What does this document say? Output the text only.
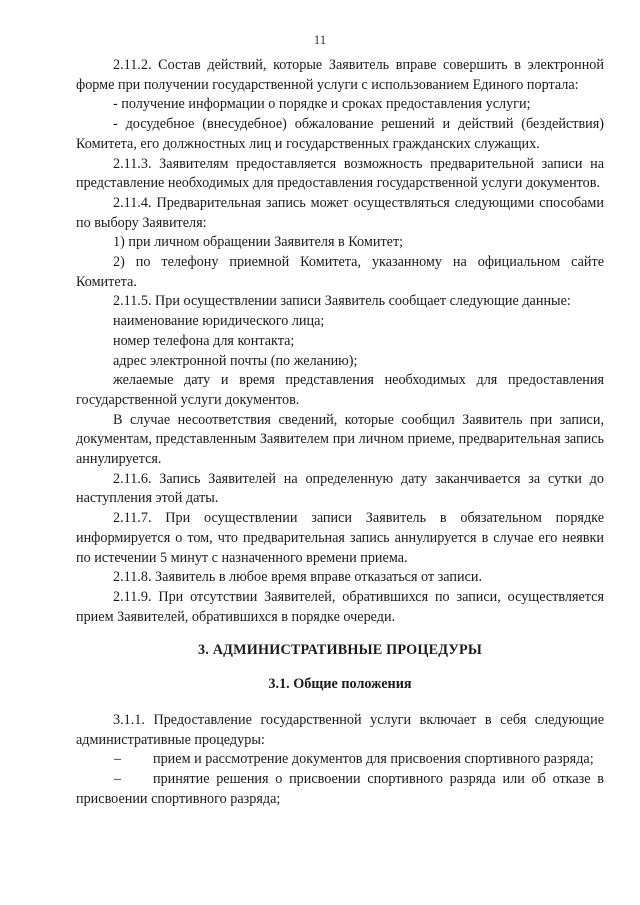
11

2.11.2. Состав действий, которые Заявитель вправе совершить в электронной форме при получении государственной услуги с использованием Единого портала:

- получение информации о порядке и сроках предоставления услуги;

- досудебное (внесудебное) обжалование решений и действий (бездействия) Комитета, его должностных лиц и государственных гражданских служащих.

2.11.3. Заявителям предоставляется возможность предварительной записи на представление необходимых для предоставления государственной услуги документов.

2.11.4. Предварительная запись может осуществляться следующими способами по выбору Заявителя:

1) при личном обращении Заявителя в Комитет;

2) по телефону приемной Комитета, указанному на официальном сайте Комитета.

2.11.5. При осуществлении записи Заявитель сообщает следующие данные:

наименование юридического лица;

номер телефона для контакта;

адрес электронной почты (по желанию);

желаемые дату и время представления необходимых для предоставления государственной услуги документов.

В случае несоответствия сведений, которые сообщил Заявитель при записи, документам, представленным Заявителем при личном приеме, предварительная запись аннулируется.

2.11.6. Запись Заявителей на определенную дату заканчивается за сутки до наступления этой даты.

2.11.7. При осуществлении записи Заявитель в обязательном порядке информируется о том, что предварительная запись аннулируется в случае его неявки по истечении 5 минут с назначенного времени приема.

2.11.8. Заявитель в любое время вправе отказаться от записи.

2.11.9. При отсутствии Заявителей, обратившихся по записи, осуществляется прием Заявителей, обратившихся в порядке очереди.

3. АДМИНИСТРАТИВНЫЕ ПРОЦЕДУРЫ
3.1. Общие положения

3.1.1. Предоставление государственной услуги включает в себя следующие административные процедуры:

– прием и рассмотрение документов для присвоения спортивного разряда;

– принятие решения о присвоении спортивного разряда или об отказе в присвоении спортивного разряда;
